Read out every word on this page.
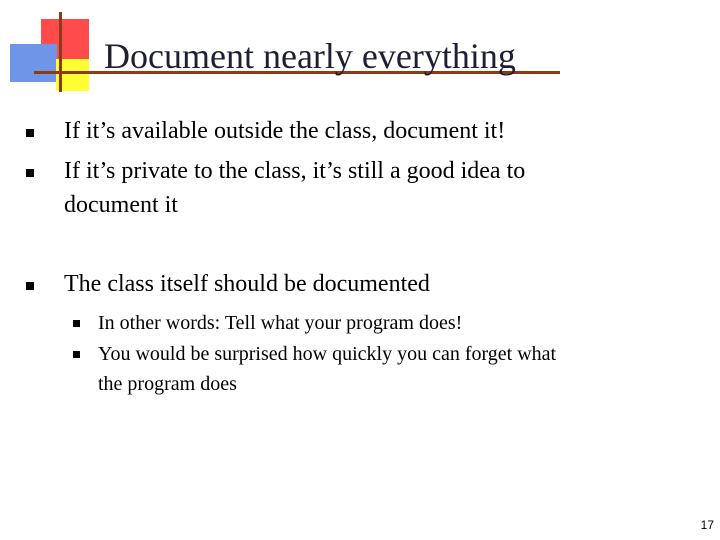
Document nearly everything
If it’s available outside the class, document it!
If it’s private to the class, it’s still a good idea to
document it
The class itself should be documented
In other words: Tell what your program does!
You would be surprised how quickly you can forget what
the program does
17
